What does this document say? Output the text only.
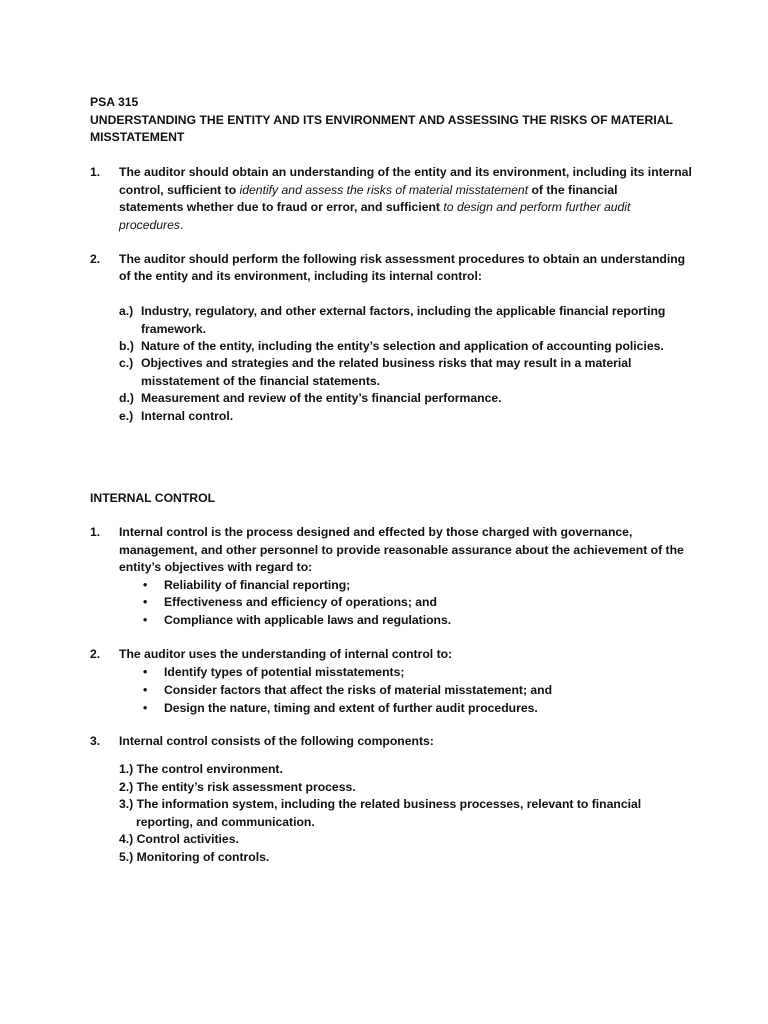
PSA 315
UNDERSTANDING THE ENTITY AND ITS ENVIRONMENT AND ASSESSING THE RISKS OF MATERIAL
MISSTATEMENT
1. The auditor should obtain an understanding of the entity and its environment, including its internal
control, sufficient to identify and assess the risks of material misstatement of the financial
statements whether due to fraud or error, and sufficient to design and perform further audit
procedures.
2. The auditor should perform the following risk assessment procedures to obtain an understanding
of the entity and its environment, including its internal control:
a.) Industry, regulatory, and other external factors, including the applicable financial reporting
framework.
b.) Nature of the entity, including the entity’s selection and application of accounting policies.
c.) Objectives and strategies and the related business risks that may result in a material
misstatement of the financial statements.
d.) Measurement and review of the entity’s financial performance.
e.) Internal control.
INTERNAL CONTROL
1. Internal control is the process designed and effected by those charged with governance,
management, and other personnel to provide reasonable assurance about the achievement of the
entity’s objectives with regard to:
• Reliability of financial reporting;
• Effectiveness and efficiency of operations; and
• Compliance with applicable laws and regulations.
2. The auditor uses the understanding of internal control to:
• Identify types of potential misstatements;
• Consider factors that affect the risks of material misstatement; and
• Design the nature, timing and extent of further audit procedures.
3. Internal control consists of the following components:
1.) The control environment.
2.) The entity’s risk assessment process.
3.) The information system, including the related business processes, relevant to financial
reporting, and communication.
4.) Control activities.
5.) Monitoring of controls.
